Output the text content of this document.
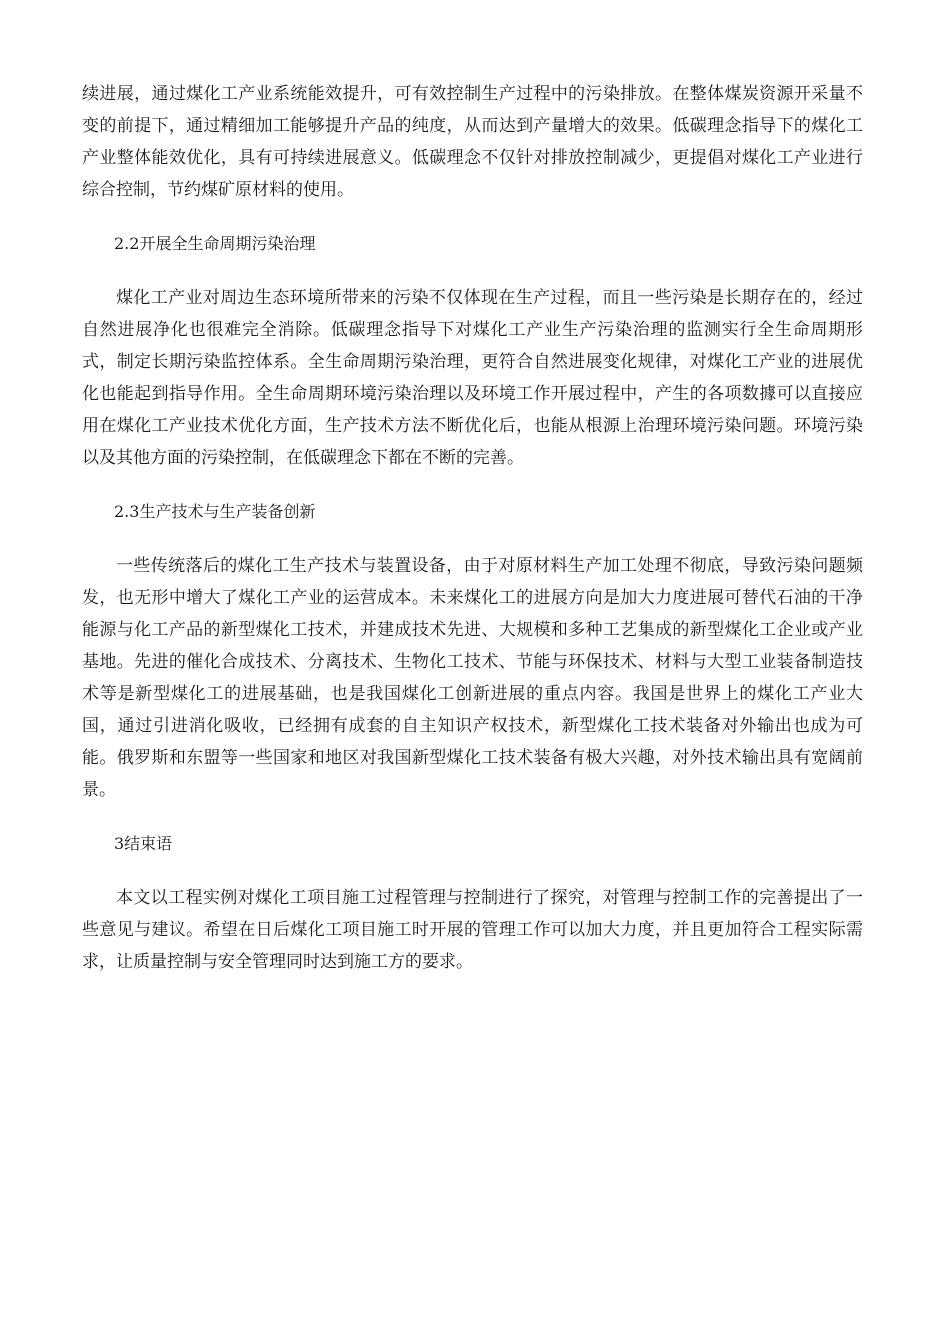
续进展，通过煤化工产业系统能效提升，可有效控制生产过程中的污染排放。在整体煤炭资源开采量不变的前提下，通过精细加工能够提升产品的纯度，从而达到产量增大的效果。低碳理念指导下的煤化工产业整体能效优化，具有可持续进展意义。低碳理念不仅针对排放控制减少，更提倡对煤化工产业进行综合控制，节约煤矿原材料的使用。

2.2开展全生命周期污染治理

煤化工产业对周边生态环境所带来的污染不仅体现在生产过程，而且一些污染是长期存在的，经过自然进展净化也很难完全消除。低碳理念指导下对煤化工产业生产污染治理的监测实行全生命周期形式，制定长期污染监控体系。全生命周期污染治理，更符合自然进展变化规律，对煤化工产业的进展优化也能起到指导作用。全生命周期环境污染治理以及环境工作开展过程中，产生的各项数據可以直接应用在煤化工产业技术优化方面，生产技术方法不断优化后，也能从根源上治理环境污染问题。环境污染以及其他方面的污染控制，在低碳理念下都在不断的完善。

2.3生产技术与生产装备创新

一些传统落后的煤化工生产技术与装置设备，由于对原材料生产加工处理不彻底，导致污染问题频发，也无形中增大了煤化工产业的运营成本。未来煤化工的进展方向是加大力度进展可替代石油的干净能源与化工产品的新型煤化工技术，并建成技术先进、大规模和多种工艺集成的新型煤化工企业或产业基地。先进的催化合成技术、分离技术、生物化工技术、节能与环保技术、材料与大型工业装备制造技术等是新型煤化工的进展基础，也是我国煤化工创新进展的重点内容。我国是世界上的煤化工产业大国，通过引进消化吸收，已经拥有成套的自主知识产权技术，新型煤化工技术装备对外输出也成为可能。俄罗斯和东盟等一些国家和地区对我国新型煤化工技术装备有极大兴趣，对外技术输出具有宽阔前景。

3结束语

本文以工程实例对煤化工项目施工过程管理与控制进行了探究，对管理与控制工作的完善提出了一些意见与建议。希望在日后煤化工项目施工时开展的管理工作可以加大力度，并且更加符合工程实际需求，让质量控制与安全管理同时达到施工方的要求。
